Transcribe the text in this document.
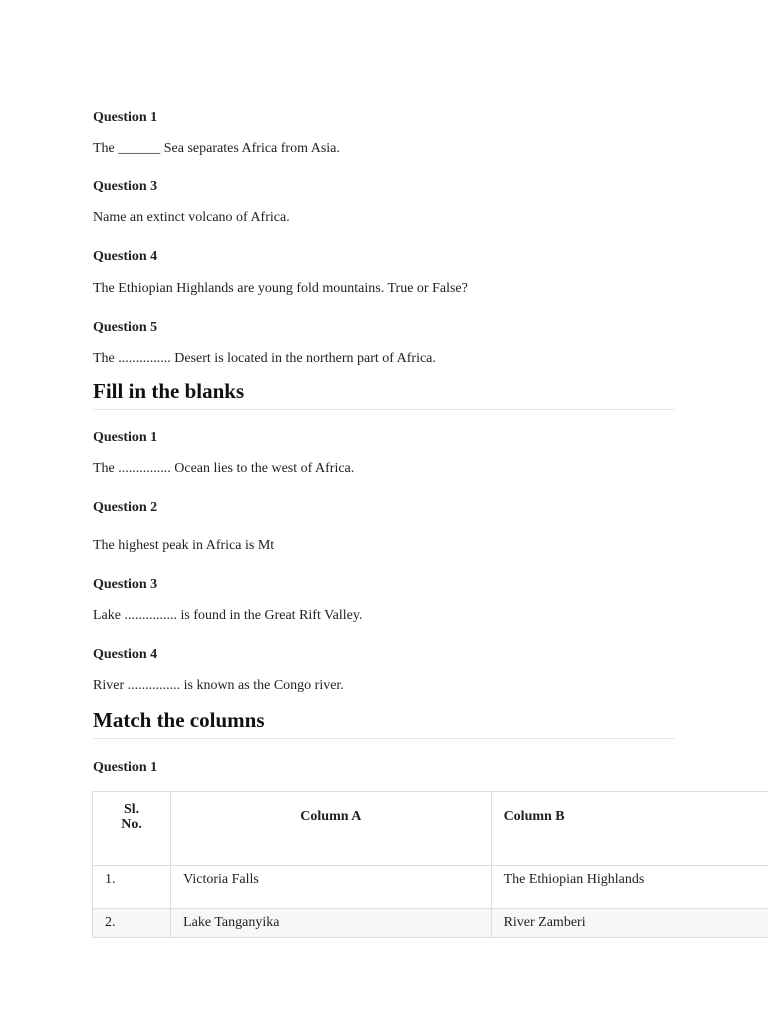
Question 1

The ______ Sea separates Africa from Asia.

Question 3

Name an extinct volcano of Africa.

Question 4

The Ethiopian Highlands are young fold mountains. True or False?

Question 5

The ............... Desert is located in the northern part of Africa.

Fill in the blanks

Question 1

The ............... Ocean lies to the west of Africa.

Question 2

The highest peak in Africa is Mt

Question 3

Lake ............... is found in the Great Rift Valley.

Question 4

River ............... is known as the Congo river.

Match the columns

Question 1

Sl.
No.	Column A	Column B
1.	Victoria Falls	The Ethiopian Highlands
2.	Lake Tanganyika	River Zamberi
